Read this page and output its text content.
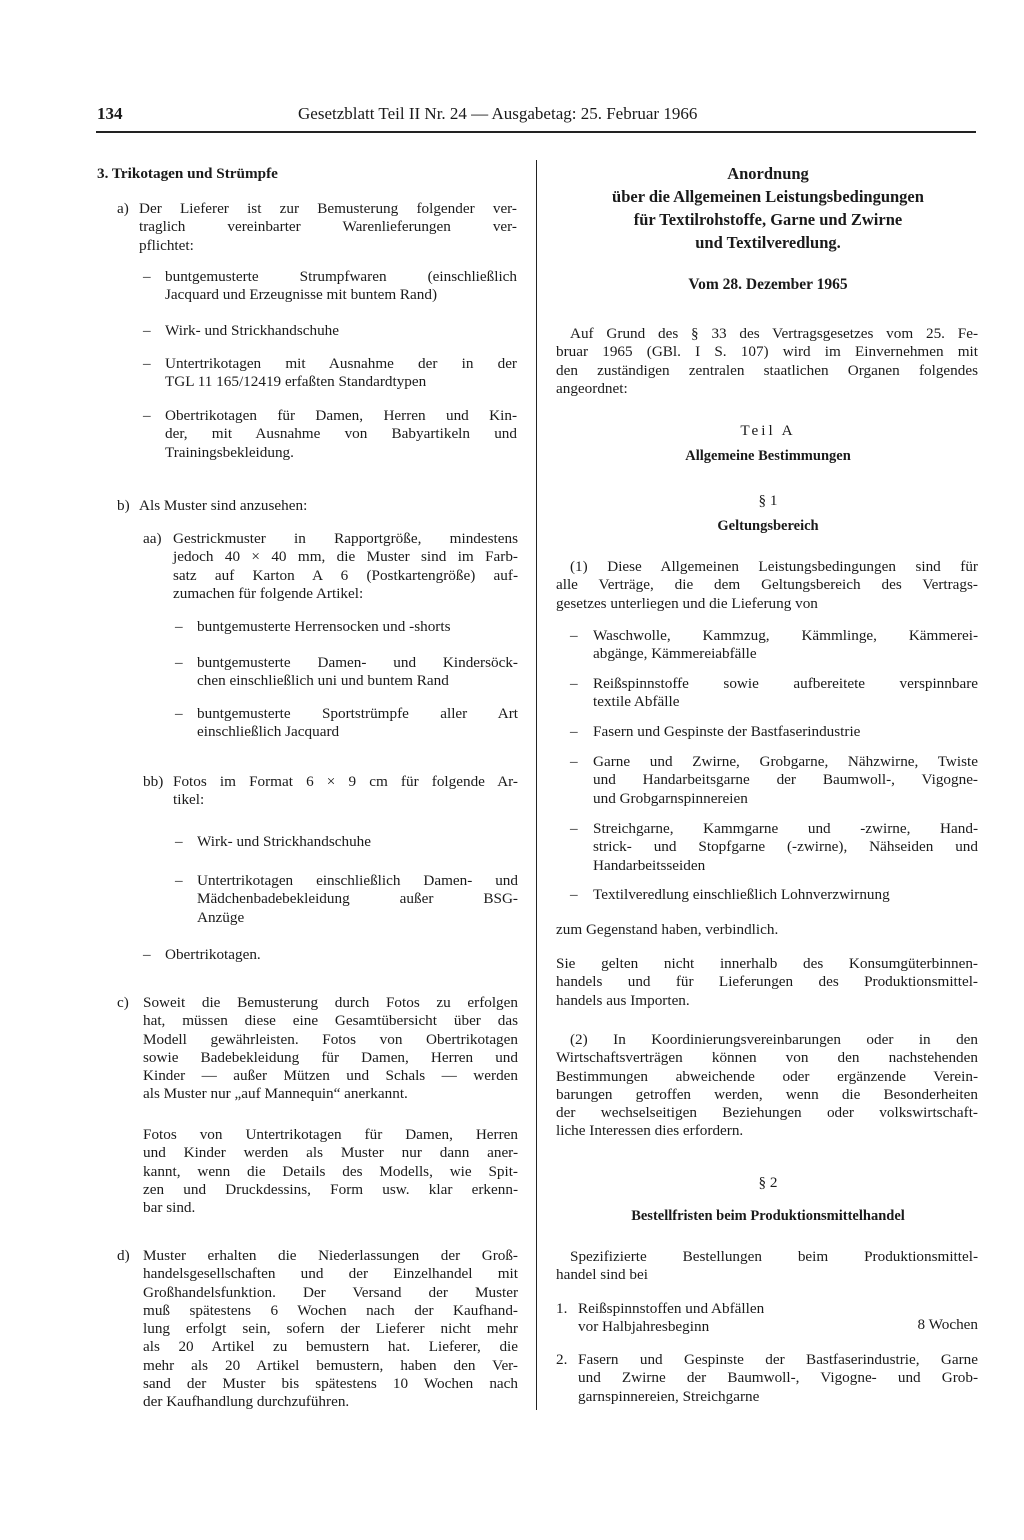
134	Gesetzblatt Teil II Nr. 24 — Ausgabetag: 25. Februar 1966
3. Trikotagen und Strümpfe
a) Der Lieferer ist zur Bemusterung folgender ver-
traglich vereinbarter Warenlieferungen ver-
pflichtet:
– buntgemusterte Strumpfwaren (einschließlich
Jacquard und Erzeugnisse mit buntem Rand)
– Wirk- und Strickhandschuhe
– Untertrikotagen mit Ausnahme der in der
TGL 11 165/12419 erfaßten Standardtypen
– Obertrikotagen für Damen, Herren und Kin-
der, mit Ausnahme von Babyartikeln und
Trainingsbekleidung.
b) Als Muster sind anzusehen:
aa) Gestrickmuster in Rapportgröße, mindestens
jedoch 40 × 40 mm, die Muster sind im Farb-
satz auf Karton A 6 (Postkartengröße) auf-
zumachen für folgende Artikel:
– buntgemusterte Herrensocken und -shorts
– buntgemusterte Damen- und Kindersöck-
chen einschließlich uni und buntem Rand
– buntgemusterte Sportstrümpfe aller Art
einschließlich Jacquard
bb) Fotos im Format 6 × 9 cm für folgende Ar-
tikel:
– Wirk- und Strickhandschuhe
– Untertrikotagen einschließlich Damen- und
Mädchenbadebekleidung außer BSG-
Anzüge
– Obertrikotagen.
c) Soweit die Bemusterung durch Fotos zu erfolgen
hat, müssen diese eine Gesamtübersicht über das
Modell gewährleisten. Fotos von Obertrikotagen
sowie Badebekleidung für Damen, Herren und
Kinder — außer Mützen und Schals — werden
als Muster nur „auf Mannequin“ anerkannt.
Fotos von Untertrikotagen für Damen, Herren
und Kinder werden als Muster nur dann aner-
kannt, wenn die Details des Modells, wie Spit-
zen und Druckdessins, Form usw. klar erkenn-
bar sind.
d) Muster erhalten die Niederlassungen der Groß-
handelsgesellschaften und der Einzelhandel mit
Großhandelsfunktion. Der Versand der Muster
muß spätestens 6 Wochen nach der Kaufhand-
lung erfolgt sein, sofern der Lieferer nicht mehr
als 20 Artikel zu bemustern hat. Lieferer, die
mehr als 20 Artikel bemustern, haben den Ver-
sand der Muster bis spätestens 10 Wochen nach
der Kaufhandlung durchzuführen.
Anordnung
über die Allgemeinen Leistungsbedingungen
für Textilrohstoffe, Garne und Zwirne
und Textilveredlung.
Vom 28. Dezember 1965
Auf Grund des § 33 des Vertragsgesetzes vom 25. Fe-
bruar 1965 (GBl. I S. 107) wird im Einvernehmen mit
den zuständigen zentralen staatlichen Organen folgendes
angeordnet:
Teil A
Allgemeine Bestimmungen
§ 1
Geltungsbereich
(1) Diese Allgemeinen Leistungsbedingungen sind für
alle Verträge, die dem Geltungsbereich des Vertrags-
gesetzes unterliegen und die Lieferung von
– Waschwolle, Kammzug, Kämmlinge, Kämmerei-
abgänge, Kämmereiabfälle
– Reißspinnstoffe sowie aufbereitete verspinnbare
textile Abfälle
– Fasern und Gespinste der Bastfaserindustrie
– Garne und Zwirne, Grobgarne, Nähzwirne, Twiste
und Handarbeitsgarne der Baumwoll-, Vigogne-
und Grobgarnspinnereien
– Streichgarne, Kammgarne und -zwirne, Hand-
strick- und Stopfgarne (-zwirne), Nähseiden und
Handarbeitsseiden
– Textilveredlung einschließlich Lohnverzwirnung
zum Gegenstand haben, verbindlich.
Sie gelten nicht innerhalb des Konsumgüterbinnen-
handels und für Lieferungen des Produktionsmittel-
handels aus Importen.
(2) In Koordinierungsvereinbarungen oder in den
Wirtschaftsverträgen können von den nachstehenden
Bestimmungen abweichende oder ergänzende Verein-
barungen getroffen werden, wenn die Besonderheiten
der wechselseitigen Beziehungen oder volkswirtschaft-
liche Interessen dies erfordern.
§ 2
Bestellfristen beim Produktionsmittelhandel
Spezifizierte Bestellungen beim Produktionsmittel-
handel sind bei
1. Reißspinnstoffen und Abfällen
vor Halbjahresbeginn	8 Wochen
2. Fasern und Gespinste der Bastfaserindustrie, Garne
und Zwirne der Baumwoll-, Vigogne- und Grob-
garnspinnereien, Streichgarne
